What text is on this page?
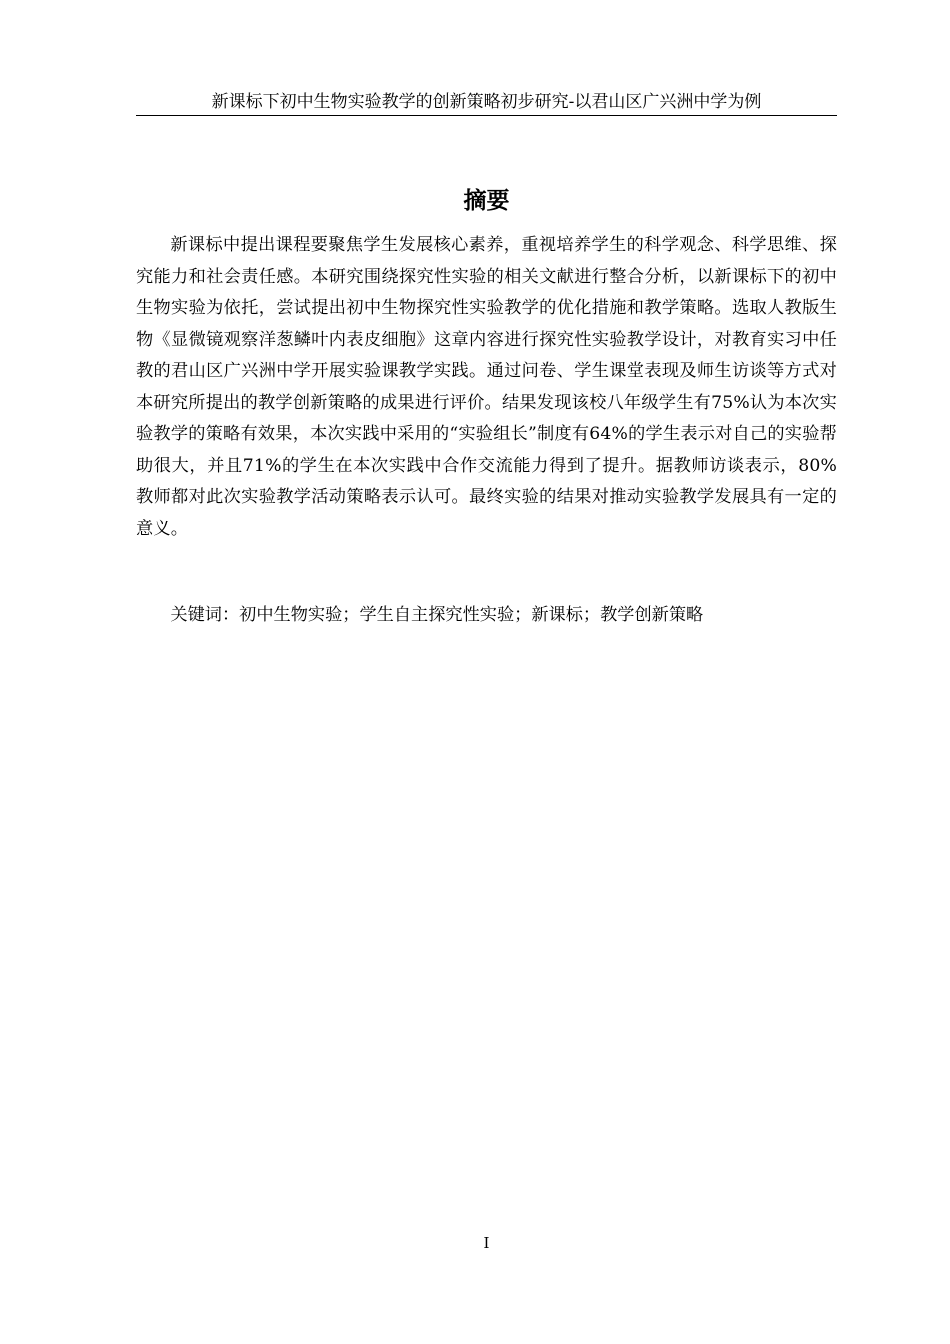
新课标下初中生物实验教学的创新策略初步研究-以君山区广兴洲中学为例
摘要

新课标中提出课程要聚焦学生发展核心素养，重视培养学生的科学观念、科学思维、探究能力和社会责任感。本研究围绕探究性实验的相关文献进行整合分析，以新课标下的初中生物实验为依托，尝试提出初中生物探究性实验教学的优化措施和教学策略。选取人教版生物《显微镜观察洋葱鳞叶内表皮细胞》这章内容进行探究性实验教学设计，对教育实习中任教的君山区广兴洲中学开展实验课教学实践。通过问卷、学生课堂表现及师生访谈等方式对本研究所提出的教学创新策略的成果进行评价。结果发现该校八年级学生有75%认为本次实验教学的策略有效果，本次实践中采用的“实验组长”制度有64%的学生表示对自己的实验帮助很大，并且71%的学生在本次实践中合作交流能力得到了提升。据教师访谈表示，80%教师都对此次实验教学活动策略表示认可。最终实验的结果对推动实验教学发展具有一定的意义。

关键词：初中生物实验；学生自主探究性实验；新课标；教学创新策略

I
